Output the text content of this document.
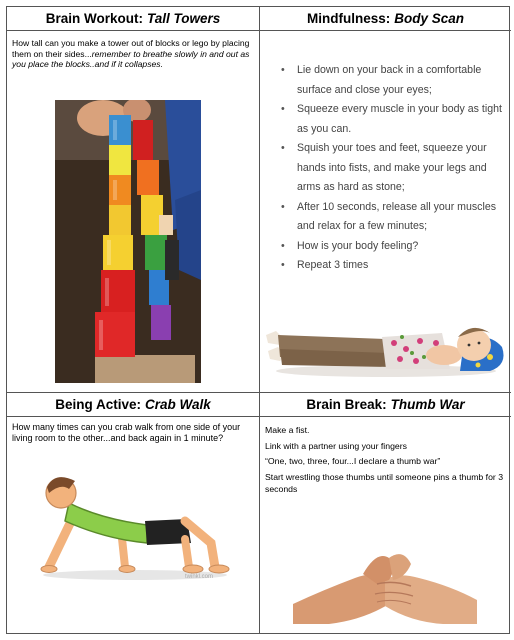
Brain Workout: Tall Towers	Mindfulness: Body Scan
How tall can you make a tower out of blocks or lego by placing them on their sides...remember to breathe slowly in and out as you place the blocks..and if it collapses.
•	Lie down on your back in a comfortable surface and close your eyes;
• Squeeze every muscle in your body as tight as you can.
• Squish your toes and feet, squeeze your hands into fists, and make your legs and arms as hard as stone;
• After 10 seconds, release all your muscles and relax for a few minutes;
• How is your body feeling?
• Repeat 3 times
Being Active: Crab Walk	Brain Break: Thumb War
How many times can you crab walk from one side of your living room to the other...and back again in 1 minute?
twinkl.com

Make a fist.

Link with a partner using your fingers

“One, two, three, four...I declare a thumb war”

Start wrestling those thumbs until someone pins a thumb for 3 seconds
